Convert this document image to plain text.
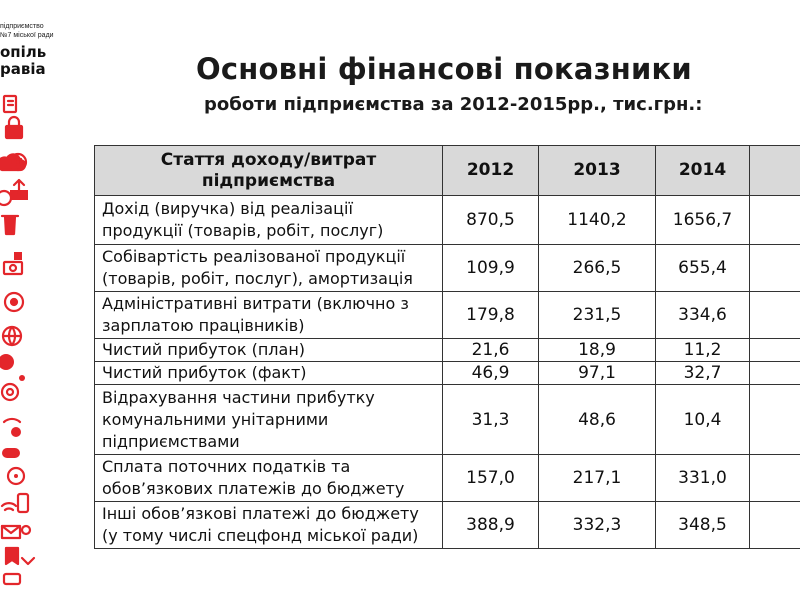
підприємство
№7 міської ради
опіль
равіа	Основні фінансові показники
роботи підприємства за 2012-2015рр., тис.грн.:
Стаття доходу/витрат підприємства	2012	2013	2014	

Дохід (виручка) від реалізації
продукції (товарів, робіт, послуг)	870,5	1140,2	1656,7	

Собівартість реалізованої продукції
(товарів, робіт, послуг), амортизація	109,9	266,5	655,4	

Адміністративні витрати (включно з
зарплатою працівників)	179,8	231,5	334,6	

Чистий прибуток (план)	21,6	18,9	11,2	

Чистий прибуток (факт)	46,9	97,1	32,7	

Відрахування частини прибутку
комунальними унітарними
підприємствами	31,3	48,6	10,4	

Сплата поточних податків та
обов’язкових платежів до бюджету	157,0	217,1	331,0	

Інші обов’язкові платежі до бюджету
(у тому числі спецфонд міської ради)	388,9	332,3	348,5	
